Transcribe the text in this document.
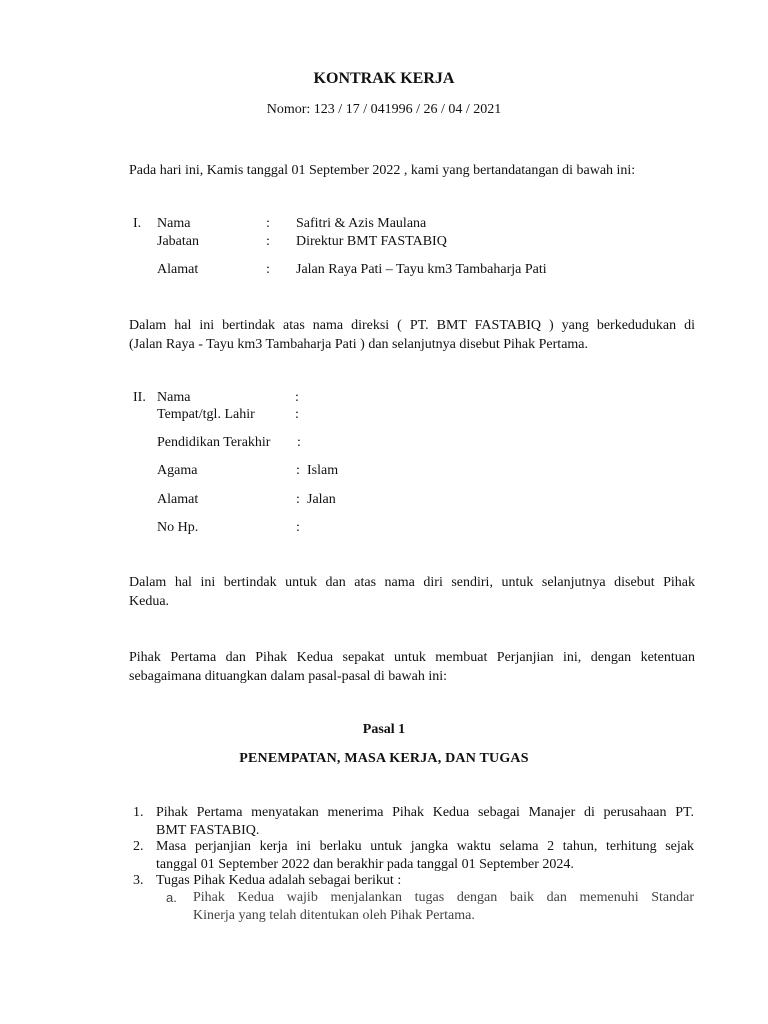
KONTRAK KERJA
Nomor: 123 / 17 / 041996 / 26 / 04 / 2021
Pada hari ini, Kamis tanggal 01 September 2022 , kami yang bertandatangan di bawah ini:
I. Nama	: Safitri & Azis Maulana
Jabatan	: Direktur BMT FASTABIQ
Alamat	: Jalan Raya Pati – Tayu km3 Tambaharja Pati
Dalam hal ini bertindak atas nama direksi ( PT. BMT FASTABIQ ) yang berkedudukan di
(Jalan Raya - Tayu km3 Tambaharja Pati ) dan selanjutnya disebut Pihak Pertama.
II. Nama	:
Tempat/tgl. Lahir	:
Pendidikan Terakhir :
Agama	: Islam
Alamat	: Jalan
No Hp.	:
Dalam hal ini bertindak untuk dan atas nama diri sendiri, untuk selanjutnya disebut Pihak
Kedua.
Pihak Pertama dan Pihak Kedua sepakat untuk membuat Perjanjian ini, dengan ketentuan
sebagaimana dituangkan dalam pasal-pasal di bawah ini:
Pasal 1
PENEMPATAN, MASA KERJA, DAN TUGAS
1. Pihak Pertama menyatakan menerima Pihak Kedua sebagai Manajer di perusahaan PT.
BMT FASTABIQ.
2. Masa perjanjian kerja ini berlaku untuk jangka waktu selama 2 tahun, terhitung sejak
tanggal 01 September 2022 dan berakhir pada tanggal 01 September 2024.
3. Tugas Pihak Kedua adalah sebagai berikut :
a. Pihak Kedua wajib menjalankan tugas dengan baik dan memenuhi Standar
Kinerja yang telah ditentukan oleh Pihak Pertama.
